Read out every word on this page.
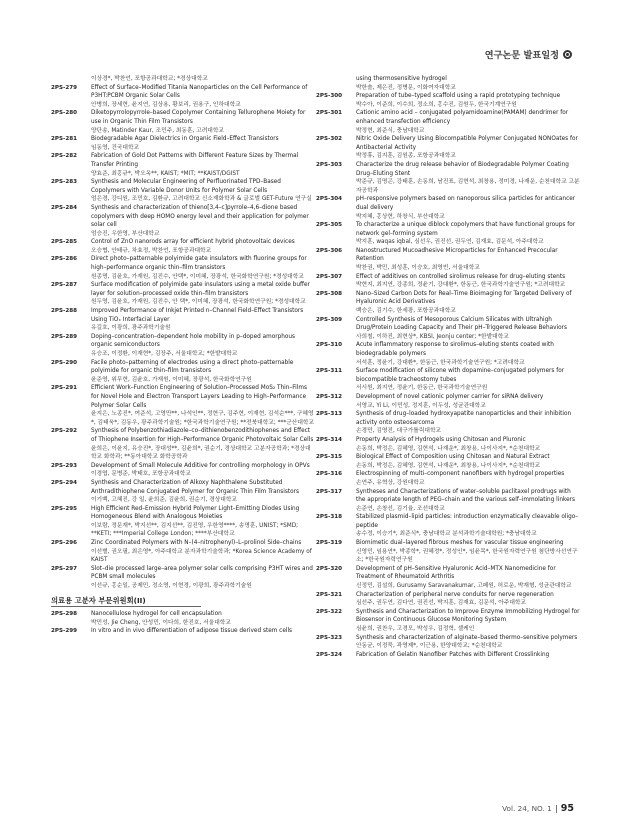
연구논문 발표일정
이상경*, 박찬언, 포항공과대학교; *경상대학교
2PS-279	Effect of Surface–Modified Titania Nanoparticles on the Cell Performance of P3HT:PCBM Organic Solar Cells
안병희, 장세현, 윤지연, 김상용, 황보리, 권용구, 인하대학교
2PS-280	Diketopyrrolopyrrole–based Copolymer Containing Tellurophene Moiety for use in Organic Thin Film Transistors
양단송, Matinder Kaur, 조민주, 최동훈, 고려대학교
2PS-281	Biodegradable Agar Dielectrics in Organic Field–Effect Transistors
임동영, 건국대학교
2PS-282	Fabrication of Gold Dot Patterns with Different Feature Sizes by Thermal Transfer Printing
양효준, 최홍규*, 박오옥**, KAIST; *MIT; **KAIST/DGIST
2PS-283	Synthesis and Molecular Engineering of Perfluorinated TPD–Based Copolymers with Variable Donor Units for Polymer Solar Cells
엄은경, 강디원, 조민호, 김환규, 고려대학교 신소재화학과 & 글로벌 GET-Future 연구실
2PS-284	Synthesis and characterization of thieno[3,4–c]pyrrole–4,6–dione based copolymers with deep HOMO energy level and their application for polymer solar cell
엄승진, 우한영, 부산대학교
2PS-285	Control of ZnO nanorods array for efficient hybrid photovoltaic devices
오승협, 안태규, 차효정, 박찬언, 포항공과대학교
2PS-286	Direct photo–patternable polyimide gate insulators with fluorine groups for high–performance organic thin–film transistors
원종명, 김윤호, 가재원, 김진수, 안택*, 이미혜, 장광석, 한국화학연구원; *경성대학교
2PS-287	Surface modification of polyimide gate insulators using a metal oxide buffer layer for solution–processed oxide thin–film transistors
원두영, 김윤호, 가재원, 김진수, 안 택*, 이미혜, 장광석, 한국화학연구원; *경성대학교
2PS-288	Improved Performance of Inkjet Printed n–Channel Field–Effect Transistors Using TiOₓ Interfacial Layer
유길호, 이광희, 광주과학기술원
2PS-289	Doping–concentration–dependent hole mobility in p–doped amorphous organic semiconductors
유승조, 이정환, 이재현*, 김장주, 서울대학교; *한밭대학교
2PS-290	Facile photo–patterning of electrodes using a direct photo–patternable polyimide for organic thin–film transistors
윤준영, 위무현, 김윤호, 가재원, 이미혜, 장광석, 한국화학연구원
2PS-291	Efficient Work–Function Engineering of Solution–Processed MoS₂ Thin–Films for Novel Hole and Electron Transport Layers Leading to High–Performance Polymer Solar Cells
윤지은, 노종진*, 여준석, 고영만**, 나석인**, 정현구, 김주현, 이재현, 김석순***, 구혜영*, 김태욱*, 김동우, 광주과학기술원; *한국과학기술연구원; **전북대학교; ***군산대학교
2PS-292	Synthesis of Polybenzothiadiazole–co–dithienobenzodithiophenes and Effect of Thiophene Insertion for High–Performance Organic Photovoltaic Solar Cells
윤희은, 이윤지, 유승진*, 장대성**, 김윤희*, 권순기, 경상대학교 고분자공학과; *경상대학교 화학과; **동아대학교 화학공학과
2PS-293	Development of Small Molecule Additive for controlling morphology in OPVs
이경엽, 문병준, 박태호, 포항공과대학교
2PS-294	Synthesis and Characterization of Alkoxy Naphthalene Substituted Anthradithiophene Conjugated Polymer for Organic Thin Film Transistors
이기백, 고혜진, 강 일, 윤희준, 김윤희, 권순기, 경상대학교
2PS-295	High Efficient Red–Emission Hybrid Polymer Light–Emitting Diodes Using Homogeneous Blend with Analogous Moieties
이보람, 정문재*, 박지선**, 김지선**, 김진영, 우한영****, 송명훈, UNIST; *SMD; **KETI; ***Imperial College London; ****부산대학교
2PS-296	Zinc Coordinated Polymers with N–(4–nitrophenyl)–L–prolinol Side–chains
이선별, 권오필, 최은영*, 아주대학교 분자과학기술학과; *Korea Science Academy of KAIST
2PS-297	Slot–die processed large–area polymer solar cells comprising P3HT wires and PCBM small molecules
이선규, 홍순일, 공제민, 정소영, 이현경, 이광희, 광주과학기술원
의료용 고분자 부문위원회(II)
2PS-298	Nanocellulose hydrogel for cell encapsulation
박민성, Jie Cheng, 안성민, 이다희, 한진호, 서울대학교
2PS-299	In vitro and in vivo differentiation of adipose tissue derived stem cells
using thermosensitive hydrogel
박한솔, 제은진, 정병문, 이화여자대학교
2PS-300	Preparation of tube–typed scaffold using a rapid prototyping technique
박수아, 이준희, 이수희, 정소희, 홍수진, 김원두, 한국기계연구원
2PS-301	Cationic amino acid – conjugated polyamidoamine(PAMAM) dendrimer for enhanced transfection efficiency
박정현, 최준식, 충남대학교
2PS-302	Nitric Oxide Delivery Using Biocompatible Polymer Conjugated NONOates for Antibacterial Activity
박정휴, 김지훈, 김원종, 포항공과대학교
2PS-303	Characterize the drug release behavior of Biodegradable Polymer Coating Drug–Eluting Stent
박준규, 김명곤, 강태훈, 손동희, 남진표, 김현석, 최창용, 정미경, 나재운, 순천대학교 고분자공학과
2PS-304	pH–responsive polymers based on nanoporous silica particles for anticancer dual delivery
박지혜, 홍상현, 하창식, 부산대학교
2PS-305	To characterize a unique diblock copolymers that have functional groups for network gel–forming system
박지훈, waqas iqbal, 심선우, 권진선, 권두연, 김재효, 김문석, 아주대학교
2PS-306	Nanostructured Mucoadhesive Microparticles for Enhanced Precocular Retention
박찬권, 박민, 최성훈, 이승호, 최영빈, 서울대학교
2PS-307	Effect of additives on controlled sirolimus release for drug–eluting stents
박현지, 최지연, 강종희, 정윤기, 강대환*, 한동근, 한국과학기술연구원; *고려대학교
2PS-308	Nano–Sized Carbon Dots for Real–Time Bioimaging for Targeted Delivery of Hyaluronic Acid Derivatives
백승은, 김기수, 한세광, 포항공과대학교
2PS-309	Controlled Synthesis of Mesoporous Calcium Silicates with Ultrahigh Drug/Protein Loading Capacity and Their pH–Triggered Release Behaviors
사희철, 이하진, 최현상*, KBSI, Jeonju center; *한밭대학교
2PS-310	Acute inflammatory response to sirolimus–eluting stents coated with biodegradable polymers
서석훈, 정윤기, 강대환*, 한동근, 한국과학기술연구원; *고려대학교
2PS-311	Surface modification of silicone with dopamine–conjugated polymers for biocompatible tracheostomy tubes
서시원, 최지연, 정윤기, 한동근, 한국과학기술연구원
2PS-312	Development of novel cationic polymer carrier for siRNA delivery
서영교, Yi Li, 이민성, 정지훈, 이두성, 성균관대학교
2PS-313	Synthesis of drug–loaded hydroxyapatite nanoparticles and their inhibition activity onto osteosarcoma
손경민, 김영진, 대구가톨릭대학교
2PS-314	Property Analysis of Hydrogels using Chitosan and Pluronic
손동희, 박정은, 김혜영, 김현석, 나재운*, 최창용, 나이사지*, *순천대학교
2PS-315	Biological Effect of Composition using Chitosan and Natural Extract
손동희, 박정은, 김혜영, 김현석, 나재운*, 최창용, 나이사지*, *순천대학교
2PS-316	Electrospinning of multi–component nanofibers with hydrogel properties
손연주, 유혁상, 강원대학교
2PS-317	Syntheses and Characterizations of water–soluble paclitaxel prodrugs with the appropriate length of PEG–chain and the various self–immolating linkers
손준연, 손창선, 김기율, 조선대학교
2PS-318	Stabilized plasmid–lipid particles: introduction enzymatically cleavable oligo–peptide
송수정, 이승기*, 최준식*, 충남대학교 분석과학기술대학원; *충남대학교
2PS-319	Biomimetic dual–layered fibrous meshes for vascular tissue engineering
신영민, 임용연*, 박종학*, 권혜정*, 정성인*, 임윤목*, 한국원자력연구원 첨단방사선연구소; *한국원자력연구원
2PS-320	Development of pH–Sensitive Hyaluronic Acid–MTX Nanomedicine for Treatment of Rheumatoid Arthritis
신정민, 김설희, Gurusamy Saravanakumar, 고페원, 허로운, 박재형, 성균관대학교
2PS-321	Characterization of peripheral nerve conduits for nerve regeneration
심선주, 권두연, 김다연, 권진선, 박지훈, 김재효, 김문석, 아주대학교
2PS-322	Synthesis and Characterization to Improve Enzyme Immobilizing Hydrogel for Biosensor in Continuous Glucose Monitoring System
심윤희, 권찬우, 고경모, 박성우, 김정혁, 셀케인
2PS-323	Synthesis and characterization of alginate–based thermo–sensitive polymers
안동균, 이정묵, 곽영제*, 이근용, 한양대학교; *순천대학교
2PS-324	Fabrication of Gelatin Nanofiber Patches with Different Crosslinking
Vol. 24, NO. 1 95
